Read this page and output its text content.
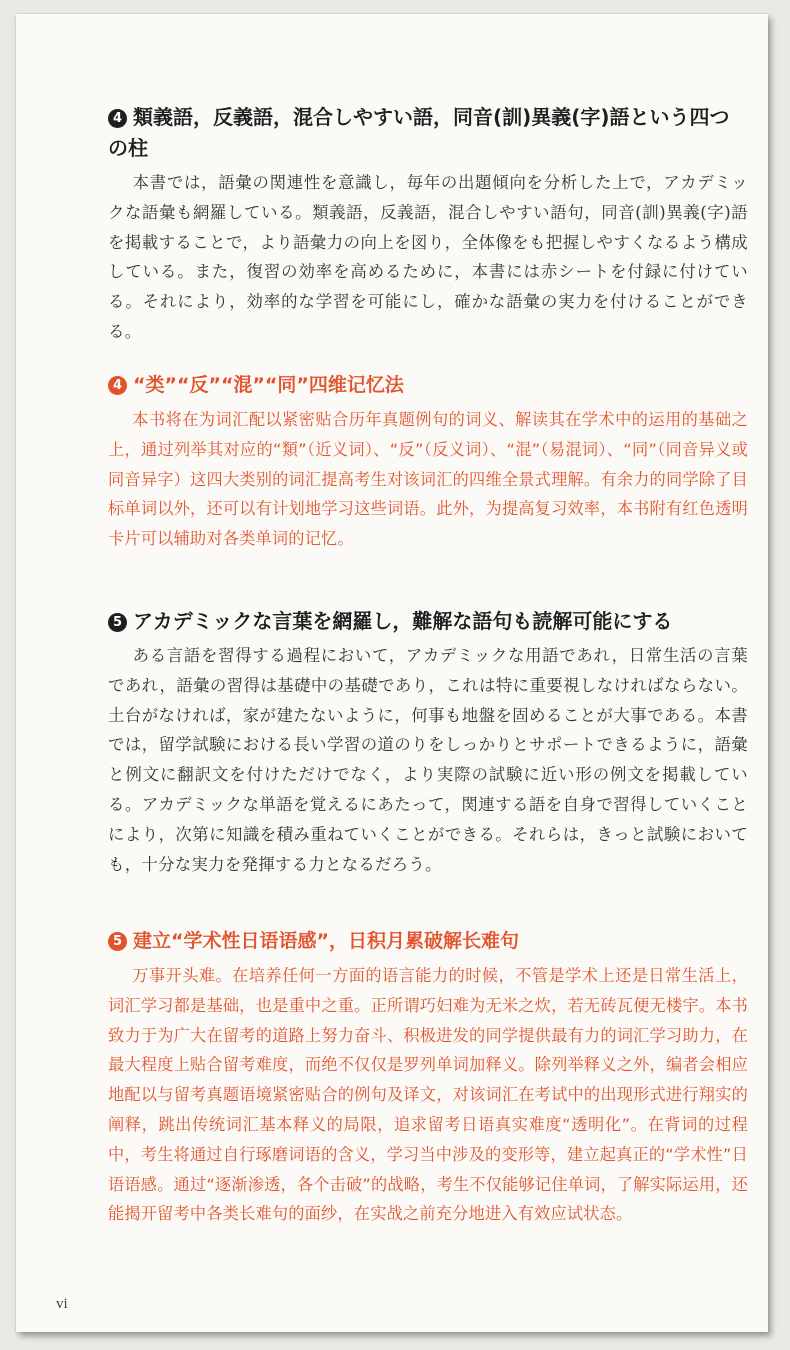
4 類義語，反義語，混合しやすい語，同音(訓)異義(字)語という四つの柱

本書では，語彙の関連性を意識し，毎年の出題傾向を分析した上で，アカデミックな語彙も網羅している。類義語，反義語，混合しやすい語句，同音(訓)異義(字)語を掲載することで，より語彙力の向上を図り，全体像をも把握しやすくなるよう構成している。また，復習の効率を高めるために，本書には赤シートを付録に付けている。それにより，効率的な学習を可能にし，確かな語彙の実力を付けることができる。

4 “类”“反”“混”“同”四维记忆法

本书将在为词汇配以紧密贴合历年真题例句的词义、解读其在学术中的运用的基础之上，通过列举其对应的“類”（近义词）、“反”（反义词）、“混”（易混词）、“同”（同音异义或同音异字）这四大类别的词汇提高考生对该词汇的四维全景式理解。有余力的同学除了目标单词以外，还可以有计划地学习这些词语。此外，为提高复习效率，本书附有红色透明卡片可以辅助对各类单词的记忆。

5 アカデミックな言葉を網羅し，難解な語句も読解可能にする

ある言語を習得する過程において，アカデミックな用語であれ，日常生活の言葉であれ，語彙の習得は基礎中の基礎であり，これは特に重要視しなければならない。土台がなければ，家が建たないように，何事も地盤を固めることが大事である。本書では，留学試験における長い学習の道のりをしっかりとサポートできるように，語彙と例文に翻訳文を付けただけでなく，より実際の試験に近い形の例文を掲載している。アカデミックな単語を覚えるにあたって，関連する語を自身で習得していくことにより，次第に知識を積み重ねていくことができる。それらは，きっと試験においても，十分な実力を発揮する力となるだろう。

5 建立“学术性日语语感”，日积月累破解长难句

万事开头难。在培养任何一方面的语言能力的时候，不管是学术上还是日常生活上，词汇学习都是基础，也是重中之重。正所谓巧妇难为无米之炊，若无砖瓦便无楼宇。本书致力于为广大在留考的道路上努力奋斗、积极进发的同学提供最有力的词汇学习助力，在最大程度上贴合留考难度，而绝不仅仅是罗列单词加释义。除列举释义之外，编者会相应地配以与留考真题语境紧密贴合的例句及译文，对该词汇在考试中的出现形式进行翔实的阐释，跳出传统词汇基本释义的局限，追求留考日语真实难度“透明化”。在背词的过程中，考生将通过自行琢磨词语的含义，学习当中涉及的变形等，建立起真正的“学术性”日语语感。通过“逐渐渗透，各个击破”的战略，考生不仅能够记住单词，了解实际运用，还能揭开留考中各类长难句的面纱，在实战之前充分地进入有效应试状态。

vi
